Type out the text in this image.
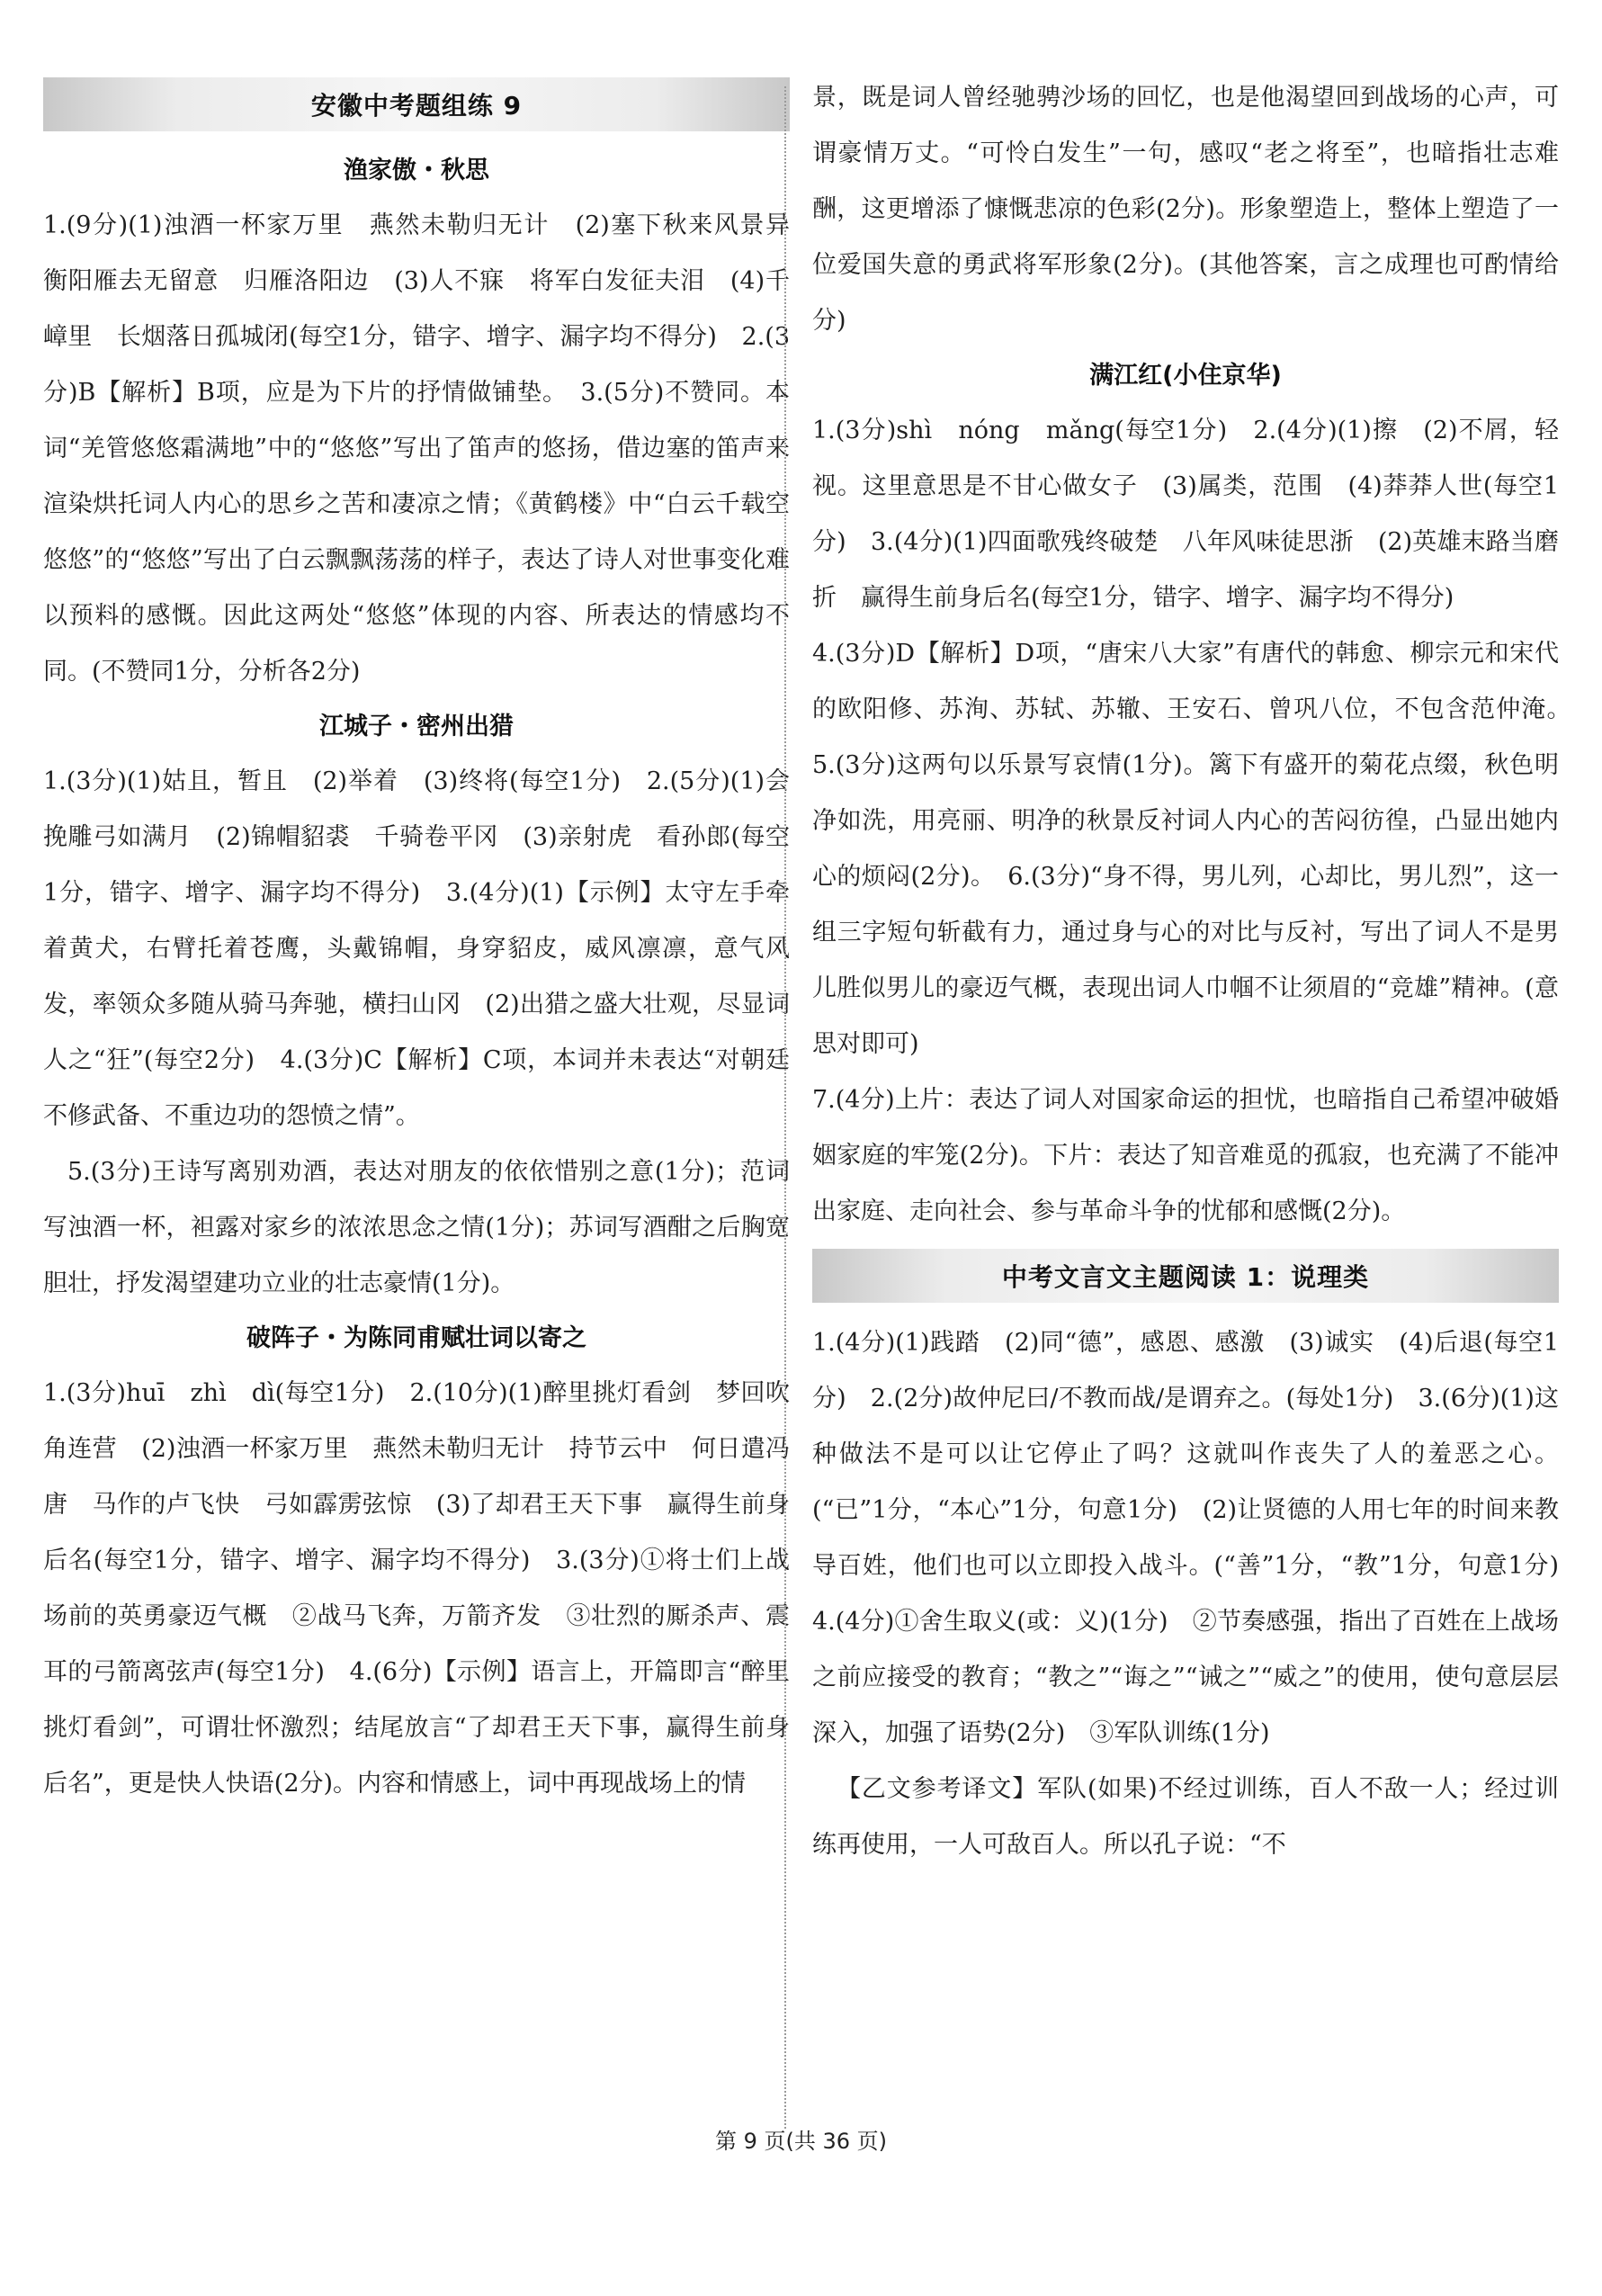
安徽中考题组练 9
渔家傲・秋思

1.(9分)(1)浊酒一杯家万里　燕然未勒归无计　(2)塞下秋来风景异　衡阳雁去无留意　归雁洛阳边　(3)人不寐　将军白发征夫泪　(4)千嶂里　长烟落日孤城闭(每空1分，错字、增字、漏字均不得分)　2.(3分)B【解析】B项，应是为下片的抒情做铺垫。　3.(5分)不赞同。本词“羌管悠悠霜满地”中的“悠悠”写出了笛声的悠扬，借边塞的笛声来渲染烘托词人内心的思乡之苦和凄凉之情；《黄鹤楼》中“白云千载空悠悠”的“悠悠”写出了白云飘飘荡荡的样子，表达了诗人对世事变化难以预料的感慨。因此这两处“悠悠”体现的内容、所表达的情感均不同。(不赞同1分，分析各2分)

江城子・密州出猎

1.(3分)(1)姑且，暂且　(2)举着　(3)终将(每空1分)　2.(5分)(1)会挽雕弓如满月　(2)锦帽貂裘　千骑卷平冈　(3)亲射虎　看孙郎(每空1分，错字、增字、漏字均不得分)　3.(4分)(1)【示例】太守左手牵着黄犬，右臂托着苍鹰，头戴锦帽，身穿貂皮，威风凛凛，意气风发，率领众多随从骑马奔驰，横扫山冈　(2)出猎之盛大壮观，尽显词人之“狂”(每空2分)　4.(3分)C【解析】C项，本词并未表达“对朝廷不修武备、不重边功的怨愤之情”。

5.(3分)王诗写离别劝酒，表达对朋友的依依惜别之意(1分)；范词写浊酒一杯，袒露对家乡的浓浓思念之情(1分)；苏词写酒酣之后胸宽胆壮，抒发渴望建功立业的壮志豪情(1分)。

破阵子・为陈同甫赋壮词以寄之

1.(3分)huī　zhì　dì(每空1分)　2.(10分)(1)醉里挑灯看剑　梦回吹角连营　(2)浊酒一杯家万里　燕然未勒归无计　持节云中　何日遣冯唐　马作的卢飞快　弓如霹雳弦惊　(3)了却君王天下事　赢得生前身后名(每空1分，错字、增字、漏字均不得分)　3.(3分)①将士们上战场前的英勇豪迈气概　②战马飞奔，万箭齐发　③壮烈的厮杀声、震耳的弓箭离弦声(每空1分)　4.(6分)【示例】语言上，开篇即言“醉里挑灯看剑”，可谓壮怀激烈；结尾放言“了却君王天下事，赢得生前身后名”，更是快人快语(2分)。内容和情感上，词中再现战场上的情

景，既是词人曾经驰骋沙场的回忆，也是他渴望回到战场的心声，可谓豪情万丈。“可怜白发生”一句，感叹“老之将至”，也暗指壮志难酬，这更增添了慷慨悲凉的色彩(2分)。形象塑造上，整体上塑造了一位爱国失意的勇武将军形象(2分)。(其他答案，言之成理也可酌情给分)

满江红(小住京华)

1.(3分)shì　nóng　mǎng(每空1分)　2.(4分)(1)擦　(2)不屑，轻视。这里意思是不甘心做女子　(3)属类，范围　(4)莽莽人世(每空1分)　3.(4分)(1)四面歌残终破楚　八年风味徒思浙　(2)英雄末路当磨折　赢得生前身后名(每空1分，错字、增字、漏字均不得分)

4.(3分)D【解析】D项，“唐宋八大家”有唐代的韩愈、柳宗元和宋代的欧阳修、苏洵、苏轼、苏辙、王安石、曾巩八位，不包含范仲淹。　5.(3分)这两句以乐景写哀情(1分)。篱下有盛开的菊花点缀，秋色明净如洗，用亮丽、明净的秋景反衬词人内心的苦闷彷徨，凸显出她内心的烦闷(2分)。　6.(3分)“身不得，男儿列，心却比，男儿烈”，这一组三字短句斩截有力，通过身与心的对比与反衬，写出了词人不是男儿胜似男儿的豪迈气概，表现出词人巾帼不让须眉的“竞雄”精神。(意思对即可)

7.(4分)上片：表达了词人对国家命运的担忧，也暗指自己希望冲破婚姻家庭的牢笼(2分)。下片：表达了知音难觅的孤寂，也充满了不能冲出家庭、走向社会、参与革命斗争的忧郁和感慨(2分)。

中考文言文主题阅读 1：说理类

1.(4分)(1)践踏　(2)同“德”，感恩、感激　(3)诚实　(4)后退(每空1分)　2.(2分)故仲尼曰/不教而战/是谓弃之。(每处1分)　3.(6分)(1)这种做法不是可以让它停止了吗？这就叫作丧失了人的羞恶之心。(“已”1分，“本心”1分，句意1分)　(2)让贤德的人用七年的时间来教导百姓，他们也可以立即投入战斗。(“善”1分，“教”1分，句意1分)　4.(4分)①舍生取义(或：义)(1分)　②节奏感强，指出了百姓在上战场之前应接受的教育；“教之”“诲之”“诫之”“威之”的使用，使句意层层深入，加强了语势(2分)　③军队训练(1分)

【乙文参考译文】军队(如果)不经过训练，百人不敌一人；经过训练再使用，一人可敌百人。所以孔子说：“不

第 9 页(共 36 页)
